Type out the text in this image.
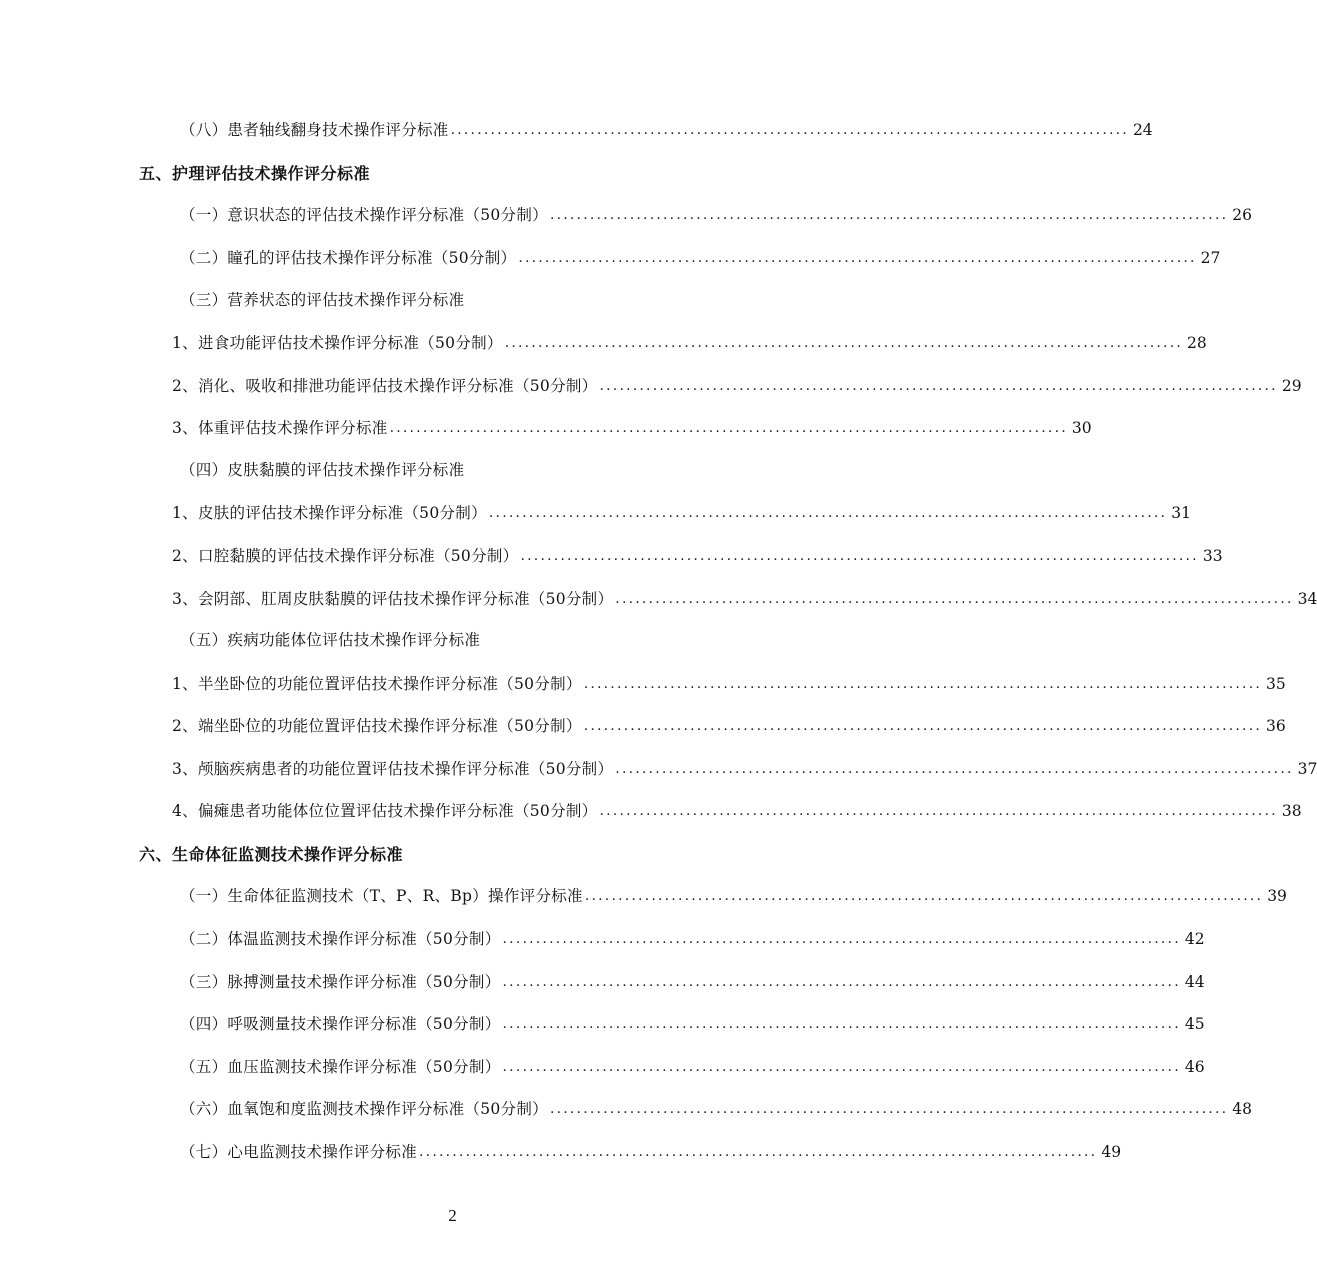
（八）患者轴线翻身技术操作评分标准 ...................................................................................................... 24
五、护理评估技术操作评分标准
（一）意识状态的评估技术操作评分标准（50分制） ...................................................................................................... 26
（二）瞳孔的评估技术操作评分标准（50分制） ...................................................................................................... 27
（三）营养状态的评估技术操作评分标准
1、进食功能评估技术操作评分标准（50分制） ...................................................................................................... 28
2、消化、吸收和排泄功能评估技术操作评分标准（50分制） ...................................................................................................... 29
3、体重评估技术操作评分标准 ...................................................................................................... 30
（四）皮肤黏膜的评估技术操作评分标准
1、皮肤的评估技术操作评分标准（50分制） ...................................................................................................... 31
2、口腔黏膜的评估技术操作评分标准（50分制） ...................................................................................................... 33
3、会阴部、肛周皮肤黏膜的评估技术操作评分标准（50分制） ...................................................................................................... 34
（五）疾病功能体位评估技术操作评分标准
1、半坐卧位的功能位置评估技术操作评分标准（50分制） ...................................................................................................... 35
2、端坐卧位的功能位置评估技术操作评分标准（50分制） ...................................................................................................... 36
3、颅脑疾病患者的功能位置评估技术操作评分标准（50分制） ...................................................................................................... 37
4、偏瘫患者功能体位位置评估技术操作评分标准（50分制） ...................................................................................................... 38
六、生命体征监测技术操作评分标准
（一）生命体征监测技术（T、P、R、Bp）操作评分标准 ...................................................................................................... 39
（二）体温监测技术操作评分标准（50分制） ...................................................................................................... 42
（三）脉搏测量技术操作评分标准（50分制） ...................................................................................................... 44
（四）呼吸测量技术操作评分标准（50分制） ...................................................................................................... 45
（五）血压监测技术操作评分标准（50分制） ...................................................................................................... 46
（六）血氧饱和度监测技术操作评分标准（50分制） ...................................................................................................... 48
（七）心电监测技术操作评分标准 ...................................................................................................... 49
2
